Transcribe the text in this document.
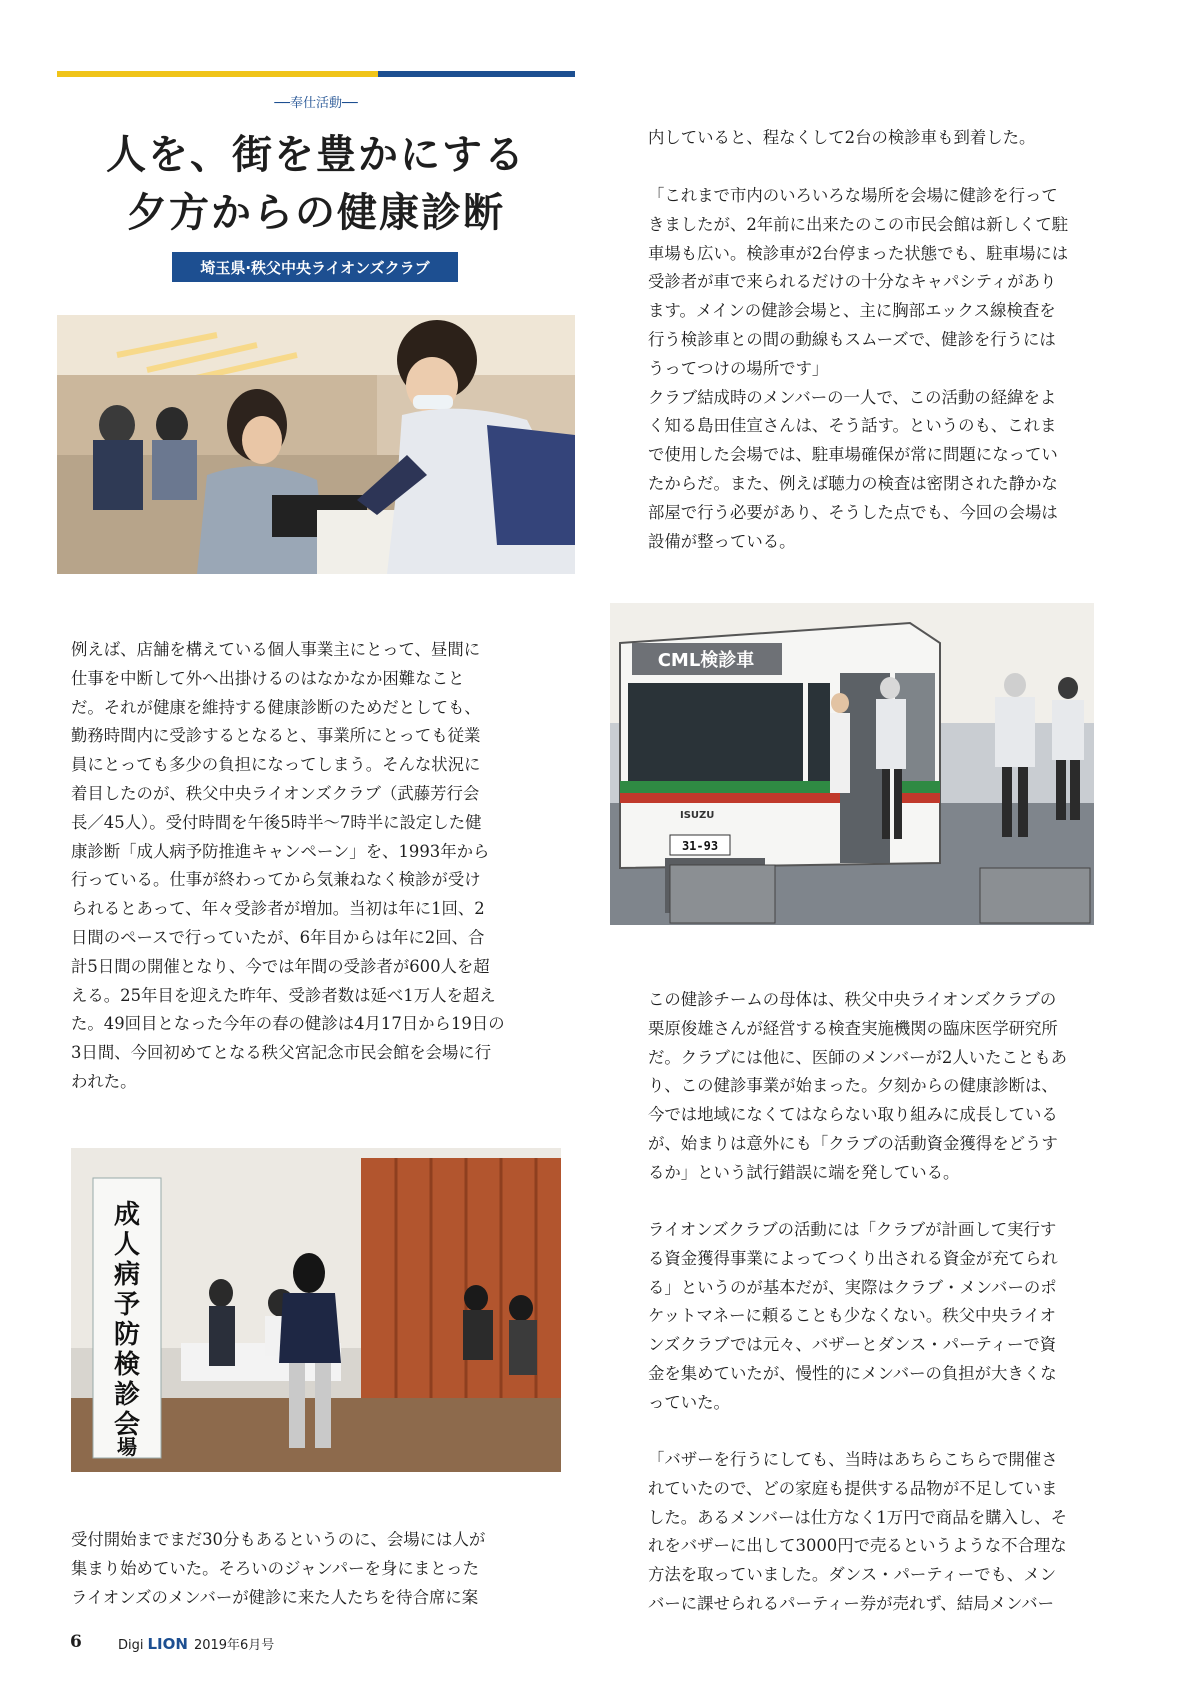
──奉仕活動──
人を、街を豊かにする
夕方からの健康診断
埼玉県·秩父中央ライオンズクラブ
成
人
病
予
防
検
診
会
場
CML検診車
ISUZU
31-93

例えば、店舗を構えている個人事業主にとって、昼間に
仕事を中断して外へ出掛けるのはなかなか困難なこと
だ。それが健康を維持する健康診断のためだとしても、
勤務時間内に受診するとなると、事業所にとっても従業
員にとっても多少の負担になってしまう。そんな状況に
着目したのが、秩父中央ライオンズクラブ（武藤芳行会
長／45人）。受付時間を午後5時半〜7時半に設定した健
康診断「成人病予防推進キャンペーン」を、1993年から
行っている。仕事が終わってから気兼ねなく検診が受け
られるとあって、年々受診者が増加。当初は年に1回、2
日間のペースで行っていたが、6年目からは年に2回、合
計5日間の開催となり、今では年間の受診者が600人を超
える。25年目を迎えた昨年、受診者数は延べ1万人を超え
た。49回目となった今年の春の健診は4月17日から19日の
3日間、今回初めてとなる秩父宮記念市民会館を会場に行
われた。

受付開始までまだ30分もあるというのに、会場には人が
集まり始めていた。そろいのジャンパーを身にまとった
ライオンズのメンバーが健診に来た人たちを待合席に案

内していると、程なくして2台の検診車も到着した。

「これまで市内のいろいろな場所を会場に健診を行って
きましたが、2年前に出来たのこの市民会館は新しくて駐
車場も広い。検診車が2台停まった状態でも、駐車場には
受診者が車で来られるだけの十分なキャパシティがあり
ます。メインの健診会場と、主に胸部エックス線検査を
行う検診車との間の動線もスムーズで、健診を行うには
うってつけの場所です」
クラブ結成時のメンバーの一人で、この活動の経緯をよ
く知る島田佳宣さんは、そう話す。というのも、これま
で使用した会場では、駐車場確保が常に問題になってい
たからだ。また、例えば聴力の検査は密閉された静かな
部屋で行う必要があり、そうした点でも、今回の会場は
設備が整っている。

この健診チームの母体は、秩父中央ライオンズクラブの
栗原俊雄さんが経営する検査実施機関の臨床医学研究所
だ。クラブには他に、医師のメンバーが2人いたこともあ
り、この健診事業が始まった。夕刻からの健康診断は、
今では地域になくてはならない取り組みに成長している
が、始まりは意外にも「クラブの活動資金獲得をどうす
るか」という試行錯誤に端を発している。

ライオンズクラブの活動には「クラブが計画して実行す
る資金獲得事業によってつくり出される資金が充てられ
る」というのが基本だが、実際はクラブ・メンバーのポ
ケットマネーに頼ることも少なくない。秩父中央ライオ
ンズクラブでは元々、バザーとダンス・パーティーで資
金を集めていたが、慢性的にメンバーの負担が大きくな
っていた。

「バザーを行うにしても、当時はあちらこちらで開催さ
れていたので、どの家庭も提供する品物が不足していま
した。あるメンバーは仕方なく1万円で商品を購入し、そ
れをバザーに出して3000円で売るというような不合理な
方法を取っていました。ダンス・パーティーでも、メン
バーに課せられるパーティー券が売れず、結局メンバー

6	Digi LION 2019年6月号
